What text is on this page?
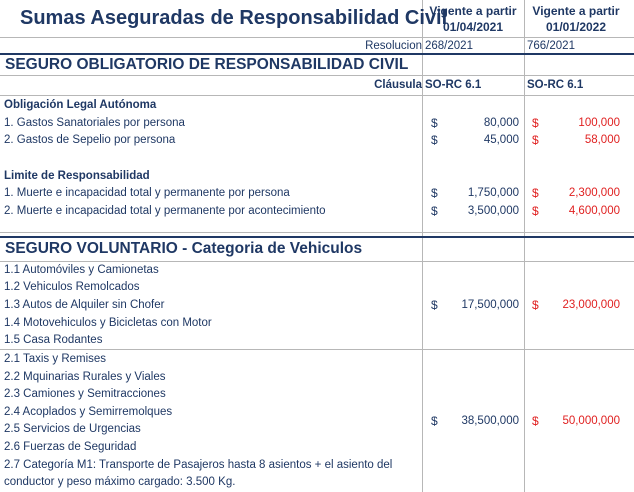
Sumas Aseguradas de Responsabilidad Civil
Vigente a partir
01/04/2021
Vigente a partir
01/01/2022
Resolucion 268/2021	766/2021
SEGURO OBLIGATORIO DE RESPONSABILIDAD CIVIL
Cláusula SO-RC 6.1	SO-RC 6.1
Obligación Legal Autónoma
1. Gastos Sanatoriales por persona	$	80,000 $	100,000
2. Gastos de Sepelio por persona	$	45,000 $	58,000
Limite de Responsabilidad
1. Muerte e incapacidad total y permanente por persona	$	1,750,000 $	2,300,000
2. Muerte e incapacidad total y permanente por acontecimiento	$	3,500,000 $	4,600,000
SEGURO VOLUNTARIO - Categoria de Vehiculos
1.1 Automóviles y Camionetas
1.2 Vehiculos Remolcados
1.3 Autos de Alquiler sin Chofer
1.4 Motovehiculos y Bicicletas con Motor
1.5 Casa Rodantes
$ 17,500,000 $ 23,000,000
2.1 Taxis y Remises
2.2 Mquinarias Rurales y Viales
2.3 Camiones y Semitracciones
2.4 Acoplados y Semirremolques
2.5 Servicios de Urgencias
2.6 Fuerzas de Seguridad
2.7 Categoría M1: Transporte de Pasajeros hasta 8 asientos + el asiento del
conductor y peso máximo cargado: 3.500 Kg.
$ 38,500,000 $ 50,000,000
